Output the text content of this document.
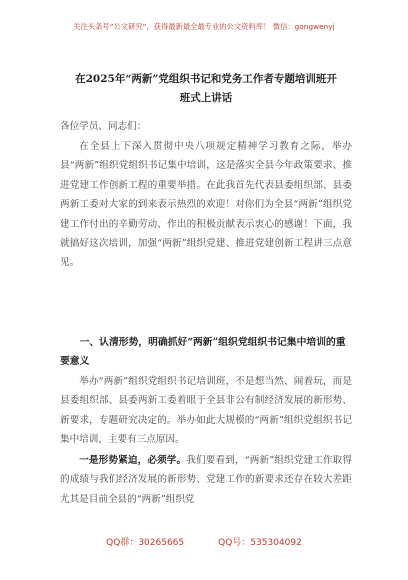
关注头条号“公文研究”，获得最新最全最专业的公文资料库！ 微信：gongwenyj
在2025年“两新”党组织书记和党务工作者专题培训班开
班式上讲话

各位学员、同志们：

在全县上下深入贯彻中央八项规定精神学习教育之际，举办县“两新”组织党组织书记集中培训，这是落实全县今年政策要求、推进党建工作创新工程的重要举措。在此我首先代表县委组织部、县委两新工委对大家的到来表示热烈的欢迎！对你们为全县“两新”组织党建工作付出的辛勤劳动、作出的积极贡献表示衷心的感谢！下面，我就搞好这次培训，加强“两新”组织党建、推进党建创新工程讲三点意见。

一、认清形势，明确抓好“两新”组织党组织书记集中培训的重要意义

举办“两新”组织党组织书记培训班，不是想当然、闹着玩，而是县委组织部、县委两新工委着眼于全县非公有制经济发展的新形势、新要求，专题研究决定的。举办如此大规模的“两新”组织党组织书记集中培训，主要有三点原因。

一是形势紧迫，必须学。我们要看到，“两新”组织党建工作取得的成绩与我们经济发展的新形势、党建工作的新要求还存在较大差距尤其是目前全县的“两新”组织党

QQ群：30265665	QQ号：535304092
